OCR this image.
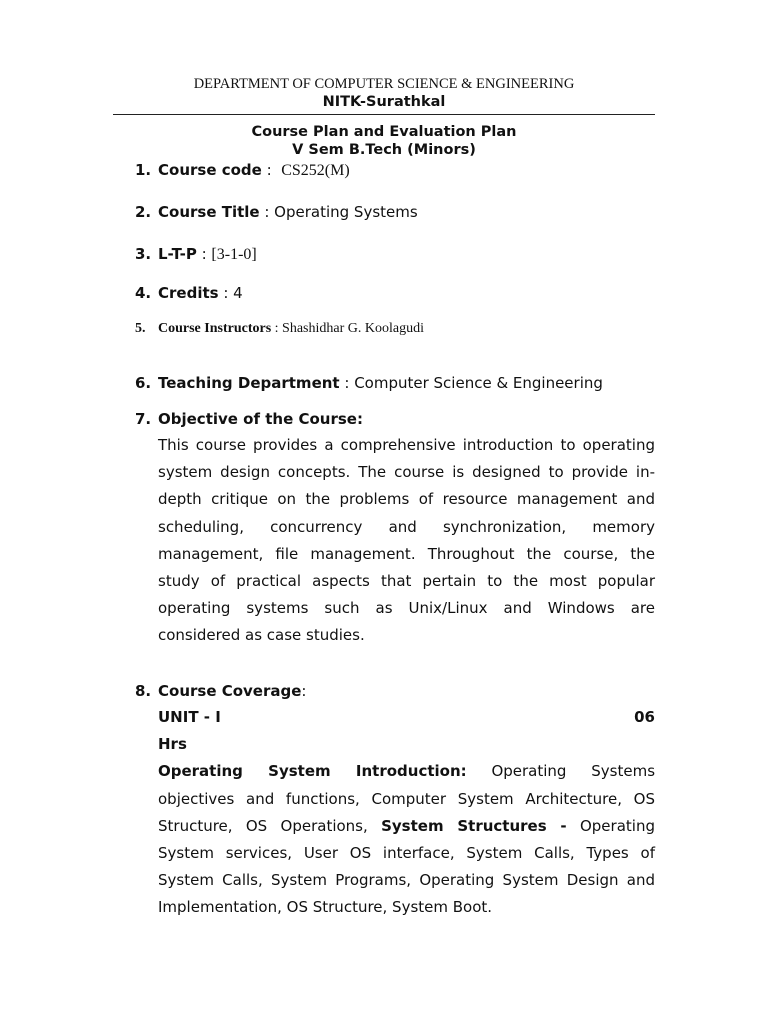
DEPARTMENT OF COMPUTER SCIENCE & ENGINEERING
NITK-Surathkal
Course Plan and Evaluation Plan
V Sem B.Tech (Minors)
1. Course code :  CS252(M)
2. Course Title : Operating Systems
3. L-T-P : [3-1-0]
4. Credits : 4
5. Course Instructors : Shashidhar G. Koolagudi
6. Teaching Department : Computer Science & Engineering
7. Objective of the Course:
This course provides a comprehensive introduction to operating
system design concepts. The course is designed to provide in-
depth critique on the problems of resource management and
scheduling, concurrency and synchronization, memory
management, file management. Throughout the course, the
study of practical aspects that pertain to the most popular
operating systems such as Unix/Linux and Windows are
considered as case studies.
8. Course Coverage:
UNIT - I	06
Hrs
Operating System Introduction: Operating Systems
objectives and functions, Computer System Architecture, OS
Structure, OS Operations, System Structures - Operating
System services, User OS interface, System Calls, Types of
System Calls, System Programs, Operating System Design and
Implementation, OS Structure, System Boot.
